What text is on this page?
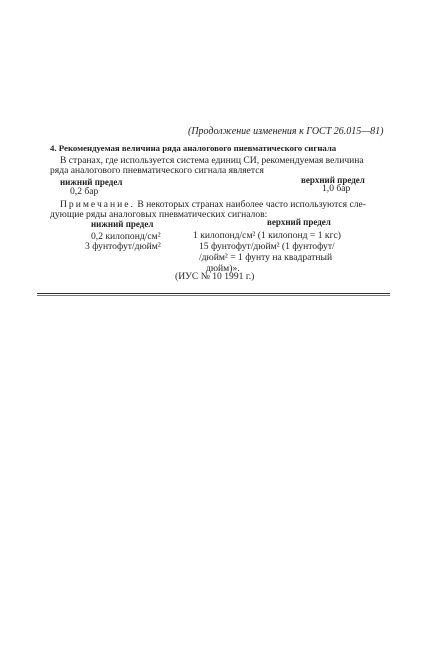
(Продолжение изменения к ГОСТ 26.015—81)
4. Рекомендуемая величина ряда аналогового пневматического сигнала
В странах, где используется система единиц СИ, рекомендуемая величина
ряда аналогового пневматического сигнала является
нижний предел	верхний предел
0,2 бар	1,0 бар
Примечание. В некоторых странах наиболее часто используются сле-
дующие ряды аналоговых пневматических сигналов:
нижний предел	верхний предел
0,2 килопонд/см²	1 килопонд/см² (1 килопонд = 1 кгс)
3 фунтофут/дюйм²	15 фунтофут/дюйм² (1 фунтофут/
/дюйм² = 1 фунту на квадратный
дюйм)».
(ИУС № 10 1991 г.)
